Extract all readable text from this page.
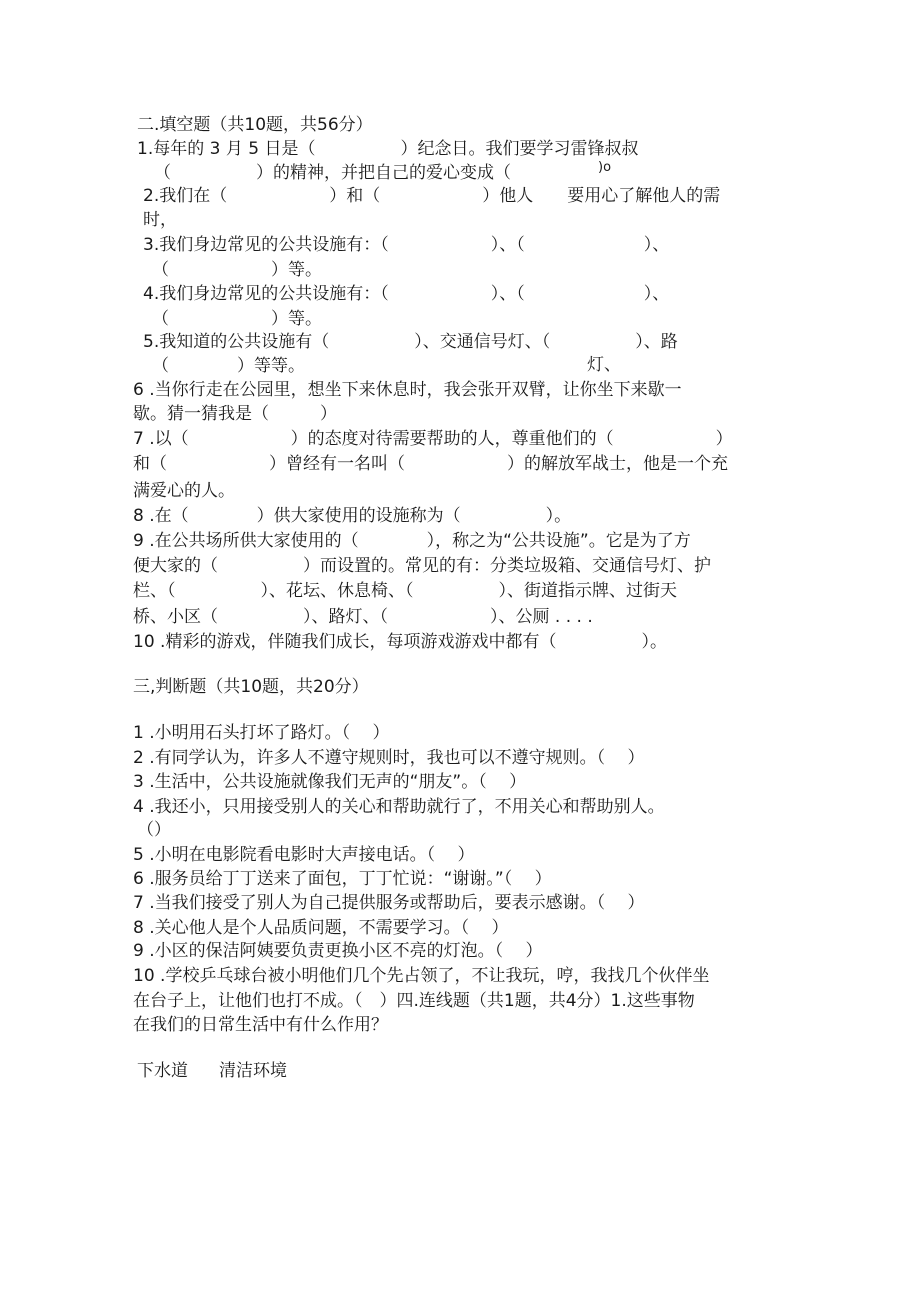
二.填空题（共10题，共56分）
1.每年的 3 月 5 日是（　　　　　）纪念日。我们要学习雷锋叔叔
（　　　　　）的精神，并把自己的爱心变成（　　　　　 )o
2.我们在（　　　　　　）和（　　　　　　）他人　　要用心了解他人的需
时，
3.我们身边常见的公共设施有：（　　　　　　）、（　　　　　　　）、
（　　　　　　）等。
4.我们身边常见的公共设施有：（　　　　　　）、（　　　　　　　）、
（　　　　　　）等。
5.我知道的公共设施有（　　　　　）、交通信号灯、（　　　　　）、路
（　　　　）等等。	灯、
6 .当你行走在公园里，想坐下来休息时，我会张开双臂，让你坐下来歇一
歇。猜一猜我是（　　　）
7 .以（　　　　　　）的态度对待需要帮助的人，尊重他们的（　　　　　　）
和（　　　　　　）曾经有一名叫（　　　　　　）的解放军战士，他是一个充
满爱心的人。
8 .在（　　　　）供大家使用的设施称为（　　　　　）。
9 .在公共场所供大家使用的（　　　　），称之为“公共设施”。它是为了方
便大家的（　　　　　）而设置的。常见的有：分类垃圾箱、交通信号灯、护
栏、（　　　　　）、花坛、休息椅、（　　　　　）、街道指示牌、过街天
桥、小区（　　　　　）、路灯、（　　　　　　）、公厕 . . . .
10 .精彩的游戏，伴随我们成长，每项游戏游戏中都有（　　　　　）。
三,判断题（共10题，共20分）
1 .小明用石头打坏了路灯。（　 ）
2 .有同学认为，许多人不遵守规则时，我也可以不遵守规则。（　 ）
3 .生活中，公共设施就像我们无声的“朋友”。（　 ）
4 .我还小，只用接受别人的关心和帮助就行了，不用关心和帮助别人。
（）
5 .小明在电影院看电影时大声接电话。（　 ）
6 .服务员给丁丁送来了面包，丁丁忙说：“谢谢。”（　 ）
7 .当我们接受了别人为自己提供服务或帮助后，要表示感谢。（　 ）
8 .关心他人是个人品质问题，不需要学习。（　 ）
9 .小区的保洁阿姨要负责更换小区不亮的灯泡。（　 ）
10 .学校乒乓球台被小明他们几个先占领了，不让我玩，哼，我找几个伙伴坐
在台子上，让他们也打不成。（　）四.连线题（共1题，共4分）1.这些事物
在我们的日常生活中有什么作用？
下水道 清洁环境
